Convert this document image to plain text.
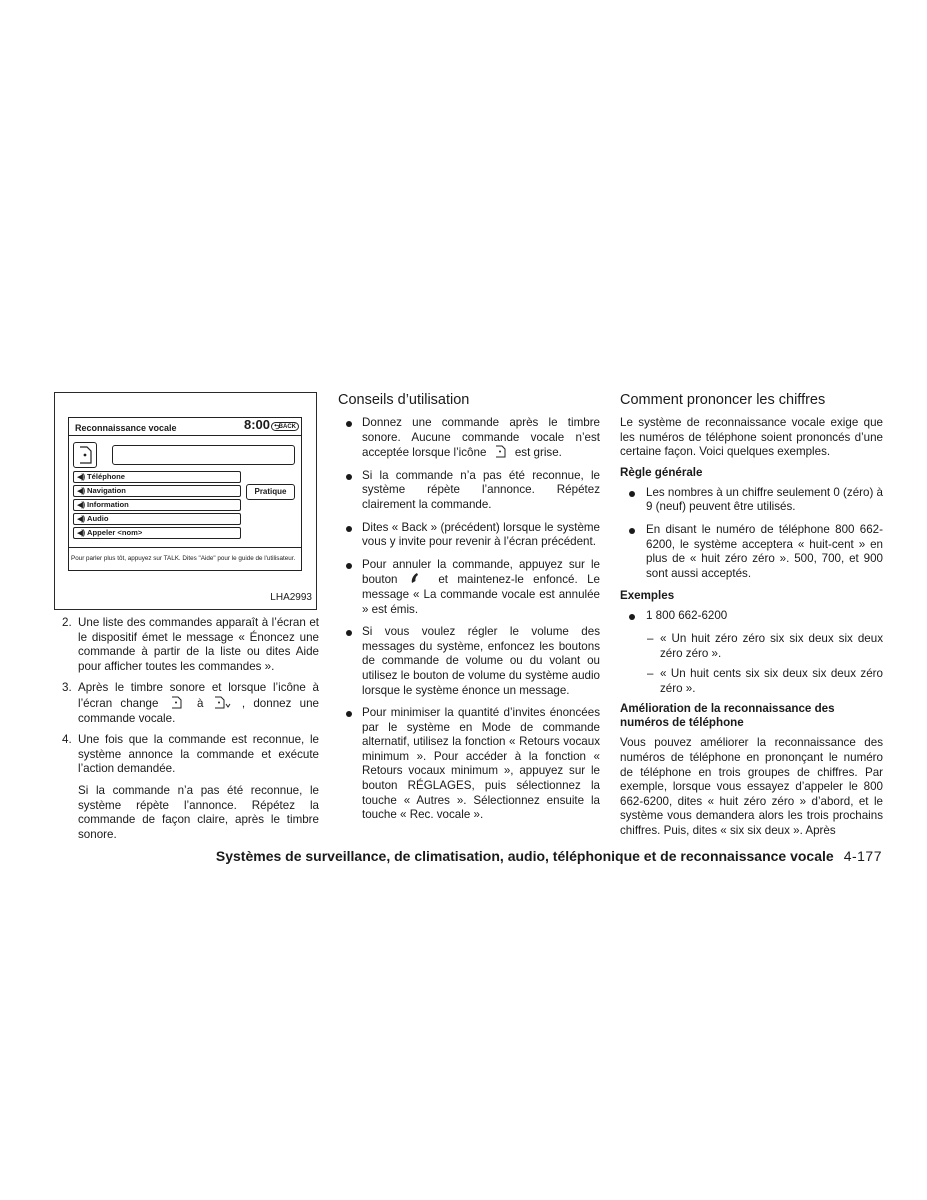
Reconnaissance vocale	8:00 ⮌ BACK
◀)) Téléphone
◀)) Navigation
◀)) Information
◀)) Audio
◀)) Appeler <nom>
Pratique
Pour parler plus tôt, appuyez sur TALK. Dites "Aide" pour le guide de l'utilisateur.
LHA2993
2. Une liste des commandes apparaît à l’écran et le dispositif émet le message « Énoncez une commande à partir de la liste ou dites Aide pour afficher toutes les commandes ».

3. Après le timbre sonore et lorsque l’icône à l’écran change	à	, donnez une commande vocale.

4. Une fois que la commande est reconnue, le système annonce la commande et exécute l’action demandée.

Si la commande n’a pas été reconnue, le système répète l’annonce. Répétez la commande de façon claire, après le timbre sonore.

Conseils d’utilisation
Donnez une commande après le timbre sonore. Aucune commande vocale n’est acceptée lorsque l’icône est grise.
Si la commande n’a pas été reconnue, le système répète l’annonce. Répétez clairement la commande.
Dites « Back » (précédent) lorsque le système vous y invite pour revenir à l’écran précédent.
Pour annuler la commande, appuyez sur le bouton	et maintenez-le enfoncé. Le message « La commande vocale est annulée » est émis.
Si vous voulez régler le volume des messages du système, enfoncez les boutons de commande de volume ou du volant ou utilisez le bouton de volume du système audio lorsque le système énonce un message.
Pour minimiser la quantité d’invites énoncées par le système en Mode de commande alternatif, utilisez la fonction « Retours vocaux minimum ». Pour accéder à la fonction « Retours vocaux minimum », appuyez sur le bouton RÉGLAGES, puis sélectionnez la touche « Autres ». Sélectionnez ensuite la touche « Rec. vocale ».
Comment prononcer les chiffres

Le système de reconnaissance vocale exige que les numéros de téléphone soient prononcés d’une certaine façon. Voici quelques exemples.

Règle générale
Les nombres à un chiffre seulement 0 (zéro) à 9 (neuf) peuvent être utilisés.
En disant le numéro de téléphone 800 662-6200, le système acceptera « huit-cent » en plus de « huit zéro zéro ». 500, 700, et 900 sont aussi acceptés.
Exemples
1 800 662-6200
– « Un huit zéro zéro six six deux six deux zéro zéro ».
– « Un huit cents six six deux six deux zéro zéro ».
Amélioration de la reconnaissance des numéros de téléphone

Vous pouvez améliorer la reconnaissance des numéros de téléphone en prononçant le numéro de téléphone en trois groupes de chiffres. Par exemple, lorsque vous essayez d’appeler le 800 662-6200, dites « huit zéro zéro » d’abord, et le système vous demandera alors les trois prochains chiffres. Puis, dites « six six deux ». Après

Systèmes de surveillance, de climatisation, audio, téléphonique et de reconnaissance vocale 4-177
